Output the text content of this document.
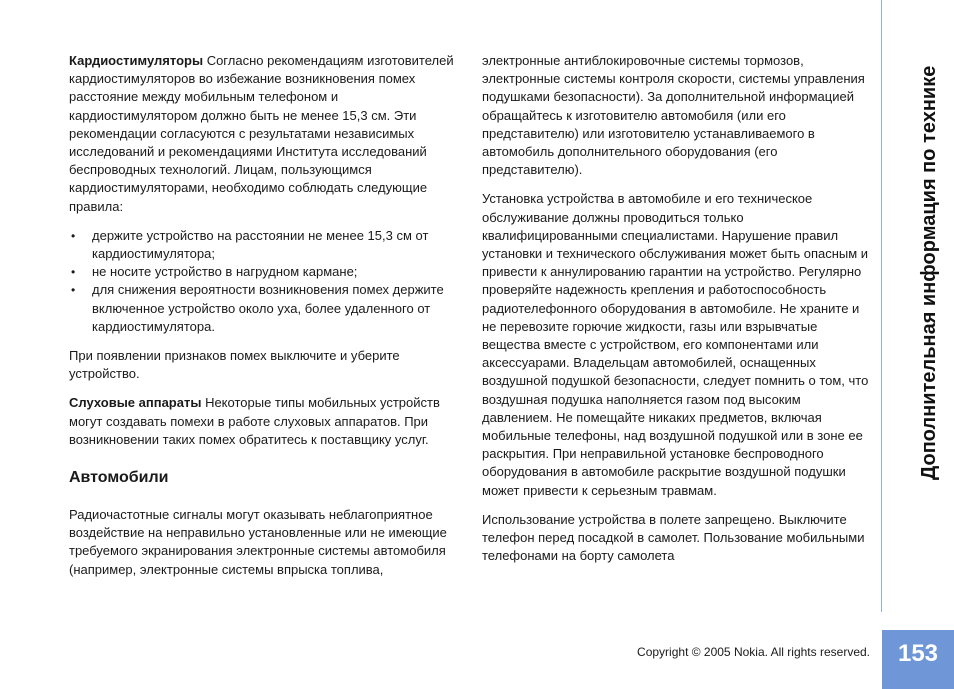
Кардиостимуляторы Согласно рекомендациям изготовителей кардиостимуляторов во избежание возникновения помех расстояние между мобильным телефоном и кардиостимулятором должно быть не менее 15,3 см. Эти рекомендации согласуются с результатами независимых исследований и рекомендациями Института исследований беспроводных технологий. Лицам, пользующимся кардиостимуляторами, необходимо соблюдать следующие правила:

• держите устройство на расстоянии не менее 15,3 см от кардиостимулятора;
• не носите устройство в нагрудном кармане;
• для снижения вероятности возникновения помех держите включенное устройство около уха, более удаленного от кардиостимулятора.

При появлении признаков помех выключите и уберите устройство.

Слуховые аппараты Некоторые типы мобильных устройств могут создавать помехи в работе слуховых аппаратов. При возникновении таких помех обратитесь к поставщику услуг.

Автомобили

Радиочастотные сигналы могут оказывать неблагоприятное воздействие на неправильно установленные или не имеющие требуемого экранирования электронные системы автомобиля (например, электронные системы впрыска топлива,

электронные антиблокировочные системы тормозов, электронные системы контроля скорости, системы управления подушками безопасности). За дополнительной информацией обращайтесь к изготовителю автомобиля (или его представителю) или изготовителю устанавливаемого в автомобиль дополнительного оборудования (его представителю).

Установка устройства в автомобиле и его техническое обслуживание должны проводиться только квалифицированными специалистами. Нарушение правил установки и технического обслуживания может быть опасным и привести к аннулированию гарантии на устройство. Регулярно проверяйте надежность крепления и работоспособность радиотелефонного оборудования в автомобиле. Не храните и не перевозите горючие жидкости, газы или взрывчатые вещества вместе с устройством, его компонентами или аксессуарами. Владельцам автомобилей, оснащенных воздушной подушкой безопасности, следует помнить о том, что воздушная подушка наполняется газом под высоким давлением. Не помещайте никаких предметов, включая мобильные телефоны, над воздушной подушкой или в зоне ее раскрытия. При неправильной установке беспроводного оборудования в автомобиле раскрытие воздушной подушки может привести к серьезным травмам.

Использование устройства в полете запрещено. Выключите телефон перед посадкой в самолет. Пользование мобильными телефонами на борту самолета

Дополнительная информация по технике
153
Copyright © 2005 Nokia. All rights reserved.
